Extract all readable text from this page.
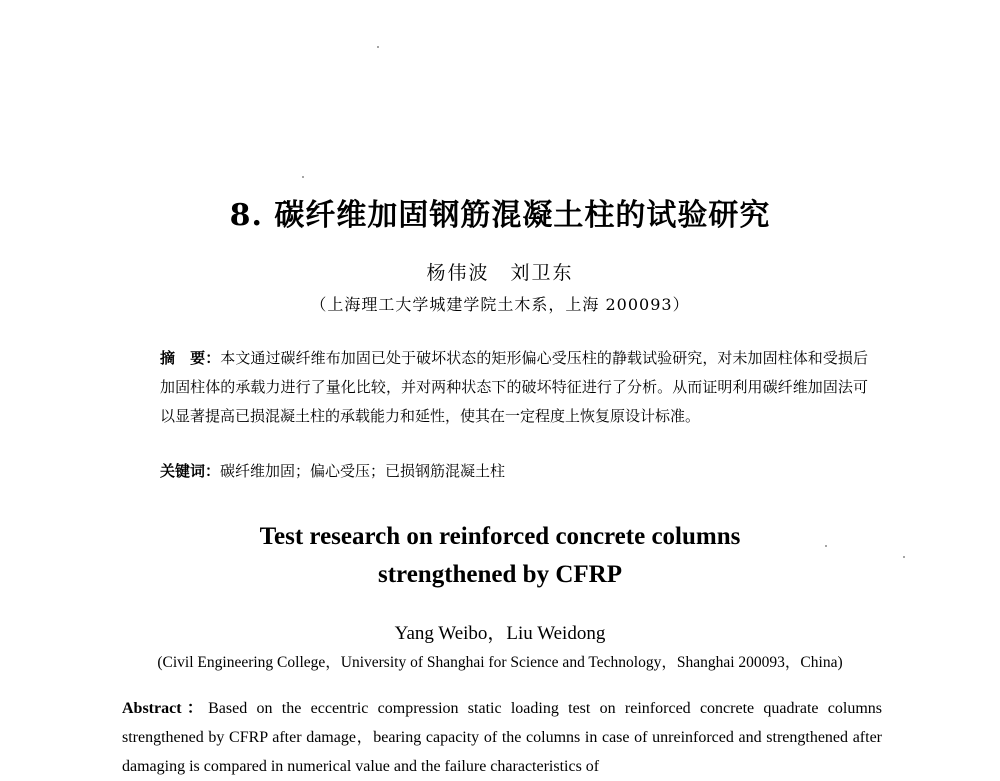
8. 碳纤维加固钢筋混凝土柱的试验研究
杨伟波　刘卫东
（上海理工大学城建学院土木系，上海 200093）
摘　要：本文通过碳纤维布加固已处于破坏状态的矩形偏心受压柱的静载试验研究，对未加固柱体和受损后加固柱体的承载力进行了量化比较，并对两种状态下的破坏特征进行了分析。从而证明利用碳纤维加固法可以显著提高已损混凝土柱的承载能力和延性，使其在一定程度上恢复原设计标准。
关键词：碳纤维加固；偏心受压；已损钢筋混凝土柱
Test research on reinforced concrete columns
strengthened by CFRP
Yang Weibo，Liu Weidong
(Civil Engineering College，University of Shanghai for Science and Technology，Shanghai 200093，China)
Abstract：Based on the eccentric compression static loading test on reinforced concrete quadrate columns strengthened by CFRP after damage，bearing capacity of the columns in case of unreinforced and strengthened after damaging is compared in numerical value and the failure characteristics of
